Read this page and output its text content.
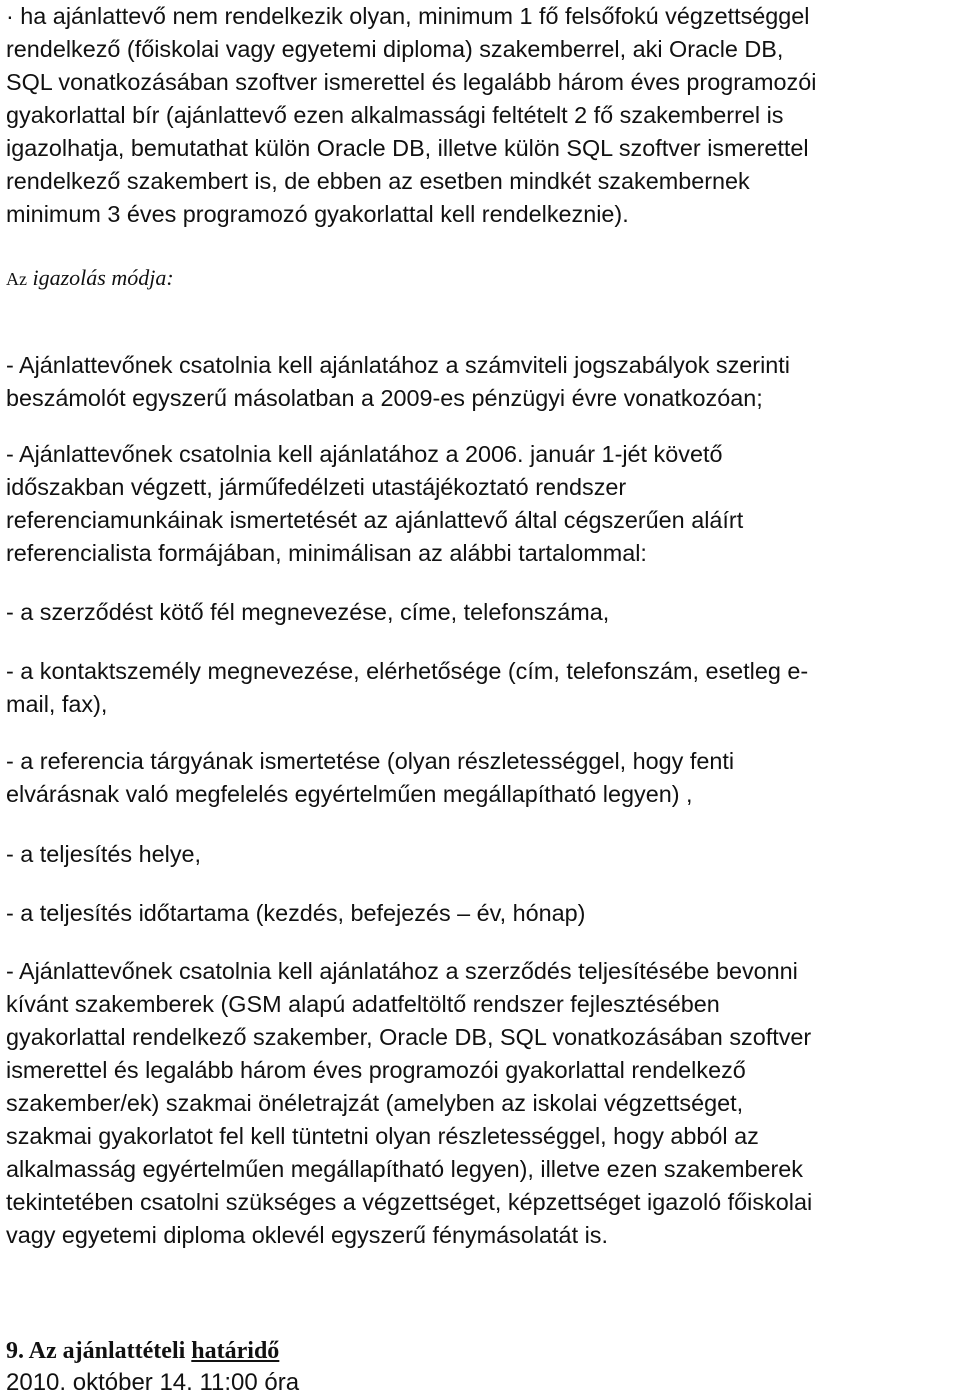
· ha ajánlattevő nem rendelkezik olyan, minimum 1 fő felsőfokú végzettséggel
rendelkező (főiskolai vagy egyetemi diploma) szakemberrel, aki Oracle DB,
SQL vonatkozásában szoftver ismerettel és legalább három éves programozói
gyakorlattal bír (ajánlattevő ezen alkalmassági feltételt 2 fő szakemberrel is
igazolhatja, bemutathat külön Oracle DB, illetve külön SQL szoftver ismerettel
rendelkező szakembert is, de ebben az esetben mindkét szakembernek
minimum 3 éves programozó gyakorlattal kell rendelkeznie).

Az igazolás módja:

- Ajánlattevőnek csatolnia kell ajánlatához a számviteli jogszabályok szerinti
beszámolót egyszerű másolatban a 2009-es pénzügyi évre vonatkozóan;

- Ajánlattevőnek csatolnia kell ajánlatához a 2006. január 1-jét követő
időszakban végzett, járműfedélzeti utastájékoztató rendszer
referenciamunkáinak ismertetését az ajánlattevő által cégszerűen aláírt
referencialista formájában, minimálisan az alábbi tartalommal:

- a szerződést kötő fél megnevezése, címe, telefonszáma,

- a kontaktszemély megnevezése, elérhetősége (cím, telefonszám, esetleg e-
mail, fax),

- a referencia tárgyának ismertetése (olyan részletességgel, hogy fenti
elvárásnak való megfelelés egyértelműen megállapítható legyen) ,

- a teljesítés helye,

- a teljesítés időtartama (kezdés, befejezés – év, hónap)

- Ajánlattevőnek csatolnia kell ajánlatához a szerződés teljesítésébe bevonni
kívánt szakemberek (GSM alapú adatfeltöltő rendszer fejlesztésében
gyakorlattal rendelkező szakember, Oracle DB, SQL vonatkozásában szoftver
ismerettel és legalább három éves programozói gyakorlattal rendelkező
szakember/ek) szakmai önéletrajzát (amelyben az iskolai végzettséget,
szakmai gyakorlatot fel kell tüntetni olyan részletességgel, hogy abból az
alkalmasság egyértelműen megállapítható legyen), illetve ezen szakemberek
tekintetében csatolni szükséges a végzettséget, képzettséget igazoló főiskolai
vagy egyetemi diploma oklevél egyszerű fénymásolatát is.

9. Az ajánlattételi határidő

2010. október 14. 11:00 óra
